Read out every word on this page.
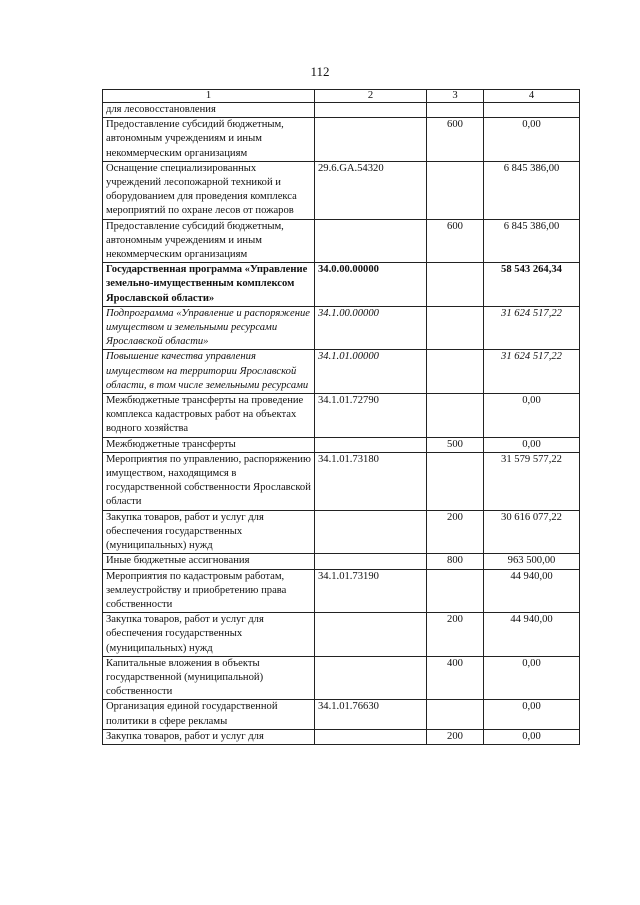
112
1	2	3	4
для лесовосстановления			
Предоставление субсидий бюджетным, автономным учреждениям и иным некоммерческим организациям		600	0,00
Оснащение специализированных учреждений лесопожарной техникой и оборудованием для проведения комплекса мероприятий по охране лесов от пожаров	29.6.GA.54320		6 845 386,00
Предоставление субсидий бюджетным, автономным учреждениям и иным некоммерческим организациям		600	6 845 386,00
Государственная программа «Управление земельно-имущественным комплексом Ярославской области»	34.0.00.00000		58 543 264,34
Подпрограмма «Управление и распоряжение имуществом и земельными ресурсами Ярославской области»	34.1.00.00000		31 624 517,22
Повышение качества управления имуществом на территории Ярославской области, в том числе земельными ресурсами	34.1.01.00000		31 624 517,22
Межбюджетные трансферты на проведение комплекса кадастровых работ на объектах водного хозяйства	34.1.01.72790		0,00
Межбюджетные трансферты		500	0,00
Мероприятия по управлению, распоряжению имуществом, находящимся в государственной собственности Ярославской области	34.1.01.73180		31 579 577,22
Закупка товаров, работ и услуг для обеспечения государственных (муниципальных) нужд		200	30 616 077,22
Иные бюджетные ассигнования		800	963 500,00
Мероприятия по кадастровым работам, землеустройству и приобретению права собственности	34.1.01.73190		44 940,00
Закупка товаров, работ и услуг для обеспечения государственных (муниципальных) нужд		200	44 940,00
Капитальные вложения в объекты государственной (муниципальной) собственности		400	0,00
Организация единой государственной политики в сфере рекламы	34.1.01.76630		0,00
Закупка товаров, работ и услуг для		200	0,00
